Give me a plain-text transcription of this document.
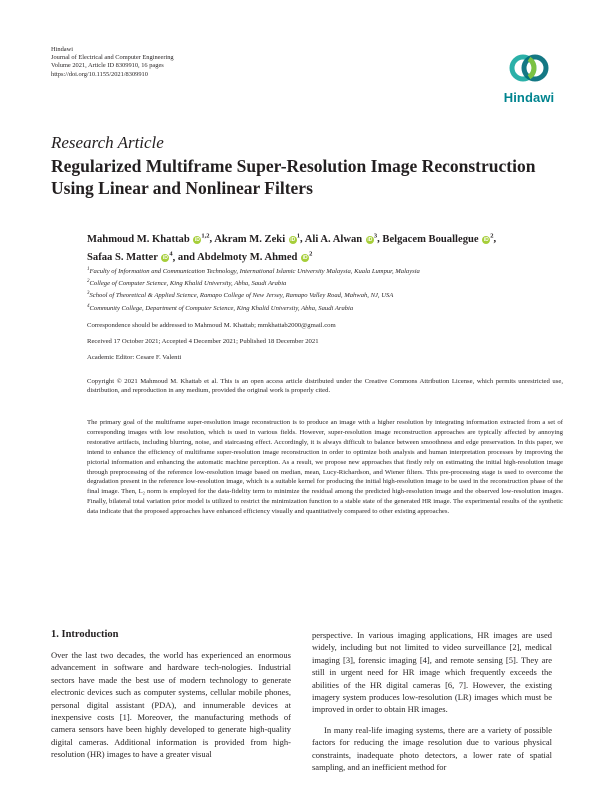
Hindawi
Journal of Electrical and Computer Engineering
Volume 2021, Article ID 8309910, 16 pages
https://doi.org/10.1155/2021/8309910
Hindawi
Research Article
Regularized Multiframe Super-Resolution Image Reconstruction Using Linear and Nonlinear Filters
Mahmoud M. Khattab iD$^{1,2}$, Akram M. Zeki $iD^1$, Ali A. Alwan $iD^3$, Belgacem Bouallegue $iD^2$,
Safaa S. Matter $iD^4$, and Abdelmoty M. Ahmed $iD^2$
$^1$Faculty of Information and Communication Technology, International Islamic University Malaysia, Kuala Lumpur, Malaysia
$^2$College of Computer Science, King Khalid University, Abha, Saudi Arabia
$^3$School of Theoretical & Applied Science, Ramapo College of New Jersey, Ramapo Valley Road, Mahwah, NJ, USA
$^4$Community College, Department of Computer Science, King Khalid University, Abha, Saudi Arabia
Correspondence should be addressed to Mahmoud M. Khattab; mmkhattab2000@gmail.com
Received 17 October 2021; Accepted 4 December 2021; Published 18 December 2021
Academic Editor: Cesare F. Valenti
Copyright © 2021 Mahmoud M. Khattab et al. This is an open access article distributed under the Creative Commons Attribution License, which permits unrestricted use, distribution, and reproduction in any medium, provided the original work is properly cited.
The primary goal of the multiframe super-resolution image reconstruction is to produce an image with a higher resolution by integrating information extracted from a set of corresponding images with low resolution, which is used in various fields. However, super-resolution image reconstruction approaches are typically affected by annoying restorative artifacts, including blurring, noise, and staircasing effect. Accordingly, it is always difficult to balance between smoothness and edge preservation. In this paper, we intend to enhance the efficiency of multiframe super-resolution image reconstruction in order to optimize both analysis and human interpretation processes by improving the pictorial information and enhancing the automatic machine perception. As a result, we propose new approaches that firstly rely on estimating the initial high-resolution image through preprocessing of the reference low-resolution image based on median, mean, Lucy-Richardson, and Wiener filters. This pre-processing stage is used to overcome the degradation present in the reference low-resolution image, which is a suitable kernel for producing the initial high-resolution image to be used in the reconstruction phase of the final image. Then, L₂ norm is employed for the data-fidelity term to minimize the residual among the predicted high-resolution image and the observed low-resolution images. Finally, bilateral total variation prior model is utilized to restrict the minimization function to a stable state of the generated HR image. The experimental results of the synthetic data indicate that the proposed approaches have enhanced efficiency visually and quantitatively compared to other existing approaches.
1. Introduction

Over the last two decades, the world has experienced an enormous advancement in software and hardware tech-nologies. Industrial sectors have made the best use of modern technology to generate electronic devices such as computer systems, cellular mobile phones, personal digital assistant (PDA), and innumerable devices at inexpensive costs [1]. Moreover, the manufacturing methods of camera sensors have been highly developed to generate high-quality digital cameras. Additional information is provided from high-resolution (HR) images to have a greater visual

perspective. In various imaging applications, HR images are used widely, including but not limited to video surveillance [2], medical imaging [3], forensic imaging [4], and remote sensing [5]. They are still in urgent need for HR image which frequently exceeds the abilities of the HR digital cameras [6, 7]. However, the existing imagery system produces low-resolution (LR) images which must be improved in order to obtain HR images.

In many real-life imaging systems, there are a variety of possible factors for reducing the image resolution due to various physical constraints, inadequate photo detectors, a lower rate of spatial sampling, and an inefficient method for
